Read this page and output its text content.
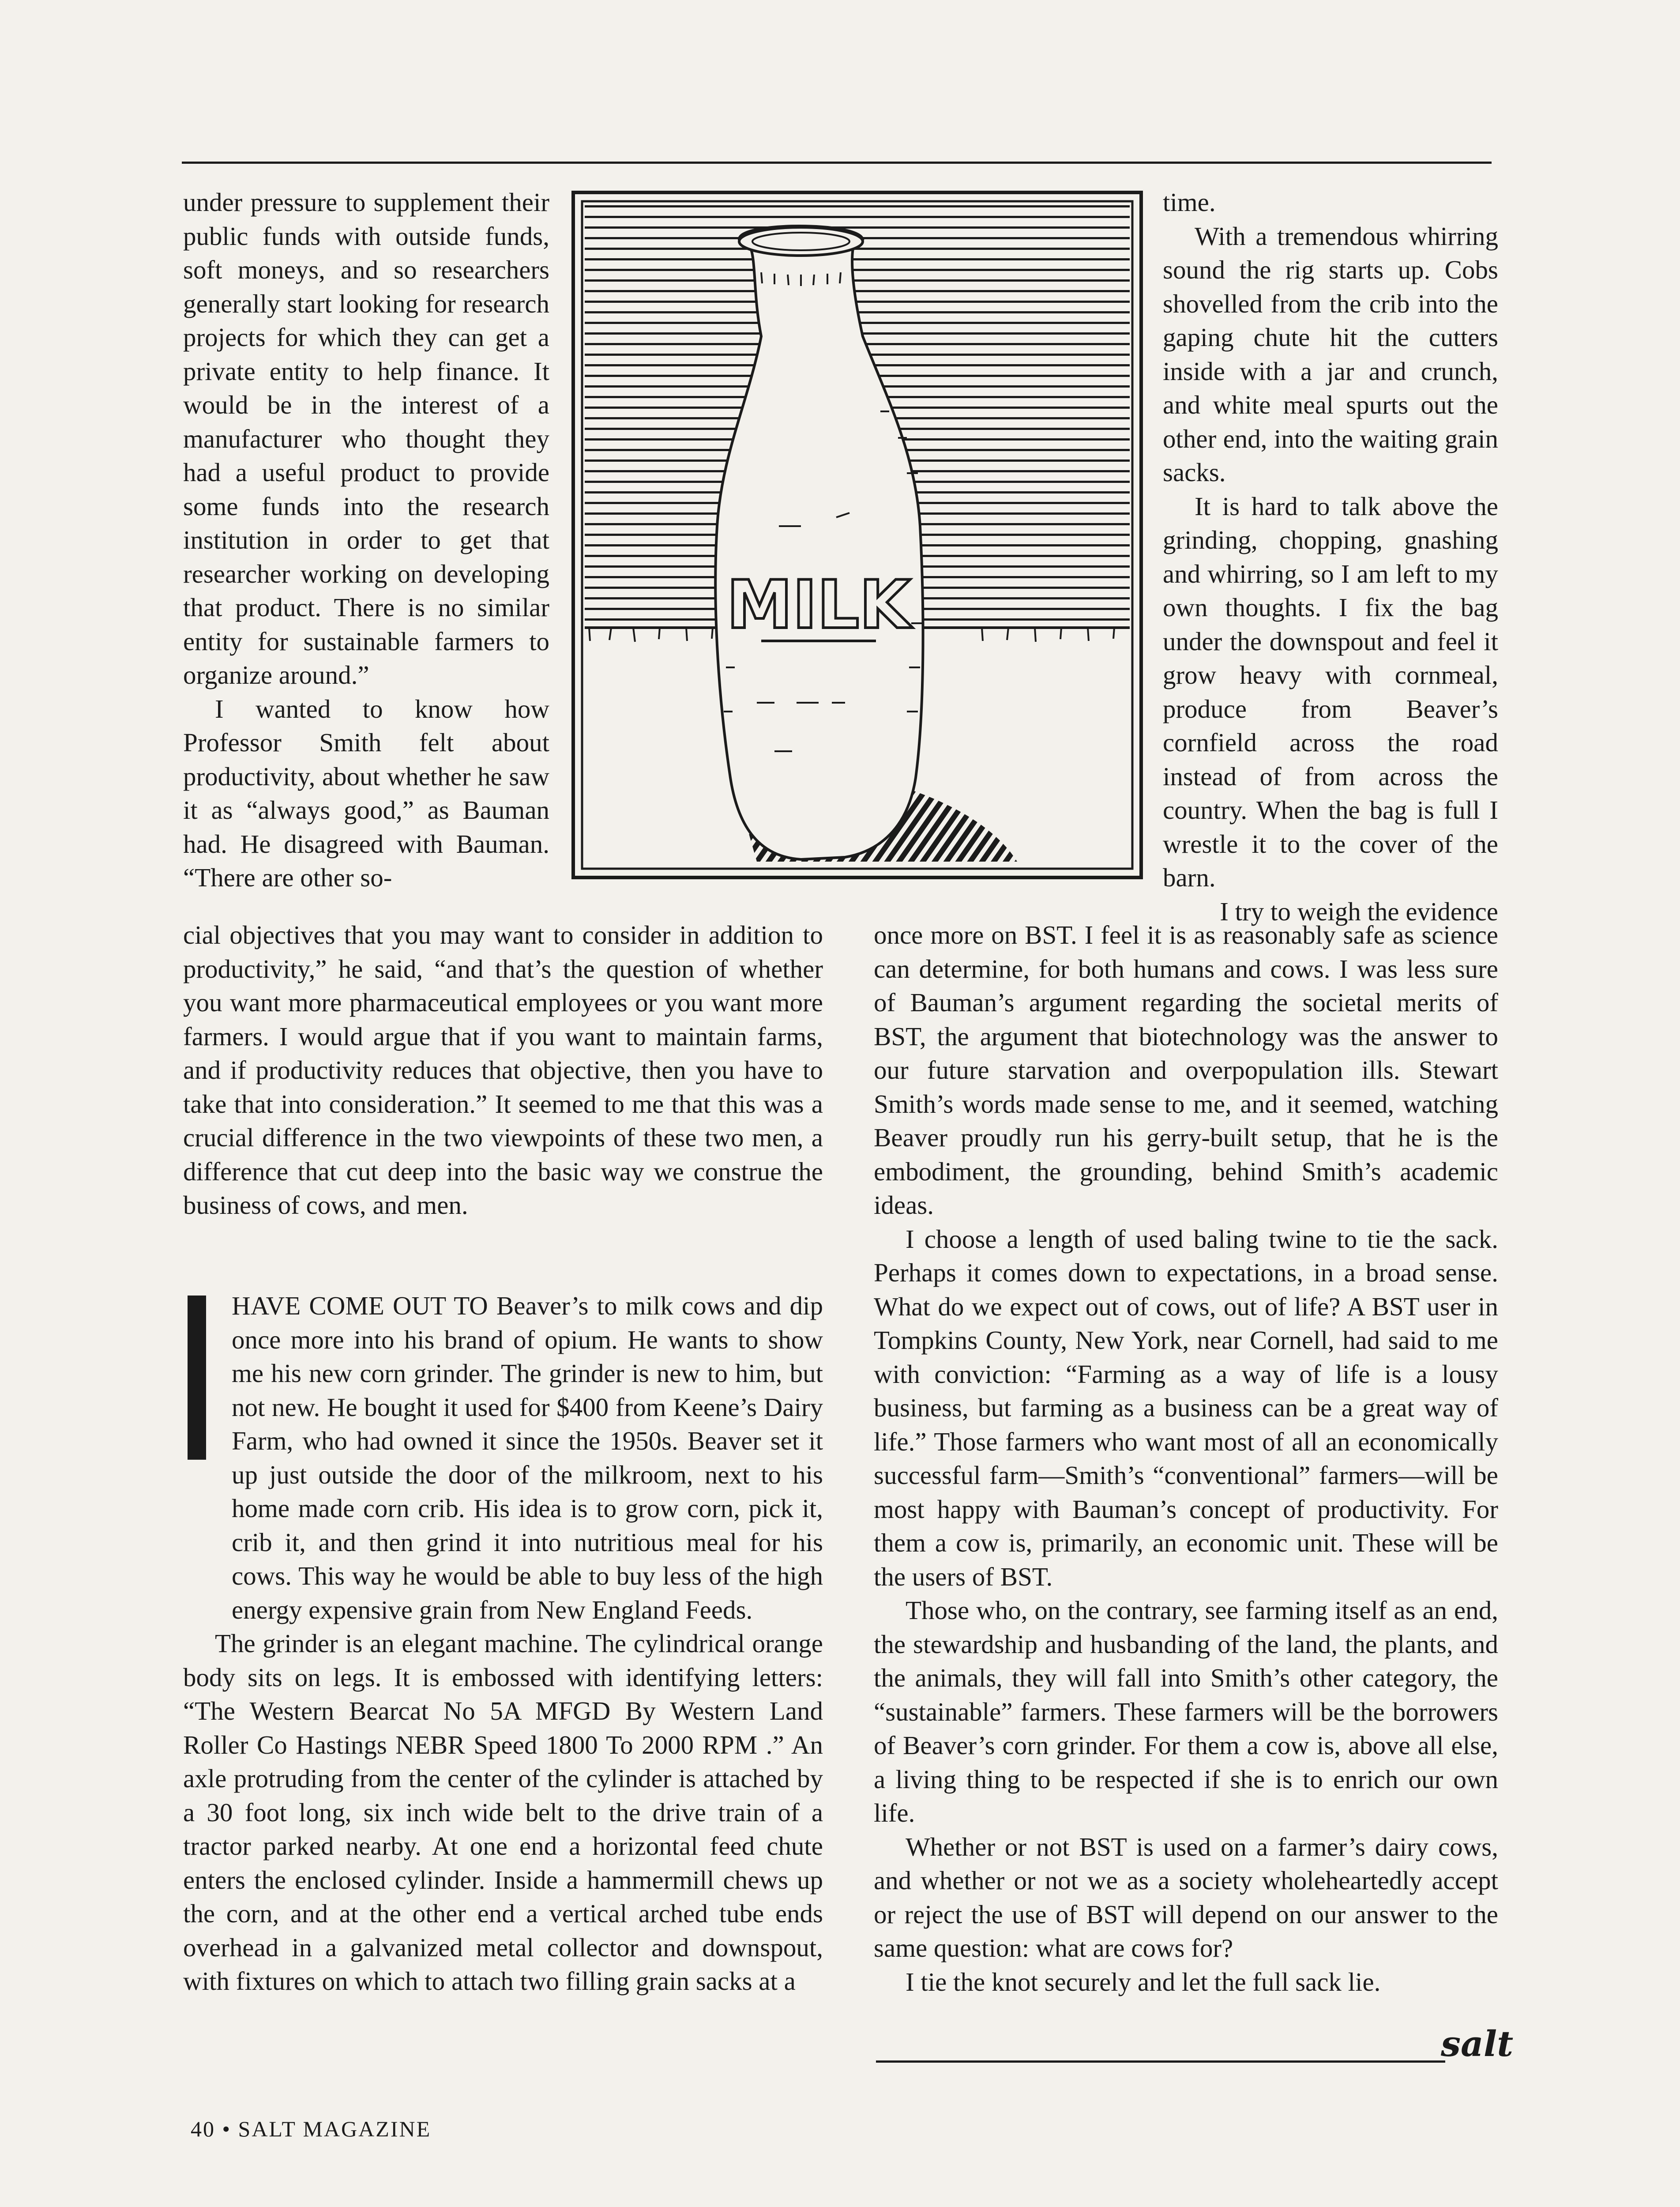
under pressure to supplement their public funds with outside funds, soft moneys, and so researchers generally start looking for research projects for which they can get a private entity to help finance. It would be in the interest of a manufacturer who thought they had a useful product to provide some funds into the research institution in order to get that researcher working on developing that product. There is no similar entity for sustainable farmers to organize around.”

I wanted to know how Professor Smith felt about productivity, about whether he saw it as “always good,” as Bauman had. He disagreed with Bauman. “There are other so-

MILK

time.

With a tremendous whirring sound the rig starts up. Cobs shovelled from the crib into the gaping chute hit the cutters inside with a jar and crunch, and white meal spurts out the other end, into the waiting grain sacks.

It is hard to talk above the grinding, chopping, gnashing and whirring, so I am left to my own thoughts. I fix the bag under the downspout and feel it grow heavy with cornmeal, produce from Beaver’s cornfield across the road instead of from across the country. When the bag is full I wrestle it to the cover of the barn.

I try to weigh the evidence

cial objectives that you may want to consider in addition to productivity,” he said, “and that’s the question of whether you want more pharmaceutical employees or you want more farmers. I would argue that if you want to maintain farms, and if productivity reduces that objective, then you have to take that into consideration.” It seemed to me that this was a crucial difference in the two viewpoints of these two men, a difference that cut deep into the basic way we construe the business of cows, and men.

HAVE COME OUT TO Beaver’s to milk cows and dip once more into his brand of opium. He wants to show me his new corn grinder. The grinder is new to him, but not new. He bought it used for $400 from Keene’s Dairy Farm, who had owned it since the 1950s. Beaver set it up just outside the door of the milkroom, next to his home made corn crib. His idea is to grow corn, pick it, crib it, and then grind it into nutritious meal for his cows. This way he would be able to buy less of the high energy expensive grain from New England Feeds.

The grinder is an elegant machine. The cylindrical orange body sits on legs. It is embossed with identifying letters: “The Western Bearcat No 5A MFGD By Western Land Roller Co Hastings NEBR Speed 1800 To 2000 RPM .” An axle protruding from the center of the cylinder is attached by a 30 foot long, six inch wide belt to the drive train of a tractor parked nearby. At one end a horizontal feed chute enters the enclosed cylinder. Inside a hammermill chews up the corn, and at the other end a vertical arched tube ends overhead in a galvanized metal collector and downspout, with fixtures on which to attach two filling grain sacks at a

once more on BST. I feel it is as reasonably safe as science can determine, for both humans and cows. I was less sure of Bauman’s argument regarding the societal merits of BST, the argument that biotechnology was the answer to our future starvation and overpopulation ills. Stewart Smith’s words made sense to me, and it seemed, watching Beaver proudly run his gerry-built setup, that he is the embodiment, the grounding, behind Smith’s academic ideas.

I choose a length of used baling twine to tie the sack. Perhaps it comes down to expectations, in a broad sense. What do we expect out of cows, out of life? A BST user in Tompkins County, New York, near Cornell, had said to me with conviction: “Farming as a way of life is a lousy business, but farming as a business can be a great way of life.” Those farmers who want most of all an economically successful farm—Smith’s “conventional” farmers—will be most happy with Bauman’s concept of productivity. For them a cow is, primarily, an economic unit. These will be the users of BST.

Those who, on the contrary, see farming itself as an end, the stewardship and husbanding of the land, the plants, and the animals, they will fall into Smith’s other category, the “sustainable” farmers. These farmers will be the borrowers of Beaver’s corn grinder. For them a cow is, above all else, a living thing to be respected if she is to enrich our own life.

Whether or not BST is used on a farmer’s dairy cows, and whether or not we as a society wholeheartedly accept or reject the use of BST will depend on our answer to the same question: what are cows for?

I tie the knot securely and let the full sack lie.

salt
40 • SALT MAGAZINE
